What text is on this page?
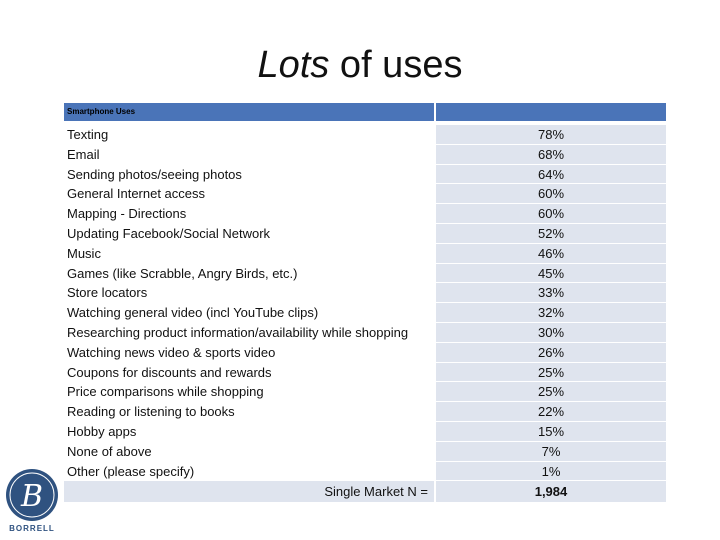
Lots of uses
Smartphone Uses
Texting	78%
Email	68%
Sending photos/seeing photos	64%
General Internet access	60%
Mapping - Directions	60%
Updating Facebook/Social Network	52%
Music	46%
Games (like Scrabble, Angry Birds, etc.)	45%
Store locators	33%
Watching general video (incl YouTube clips)	32%
Researching product information/availability while shopping	30%
Watching news video & sports video	26%
Coupons for discounts and rewards	25%
Price comparisons while shopping	25%
Reading or listening to books	22%
Hobby apps	15%
None of above	7%
Other (please specify)	1%
Single Market N =	1,984
B
BORRELL
